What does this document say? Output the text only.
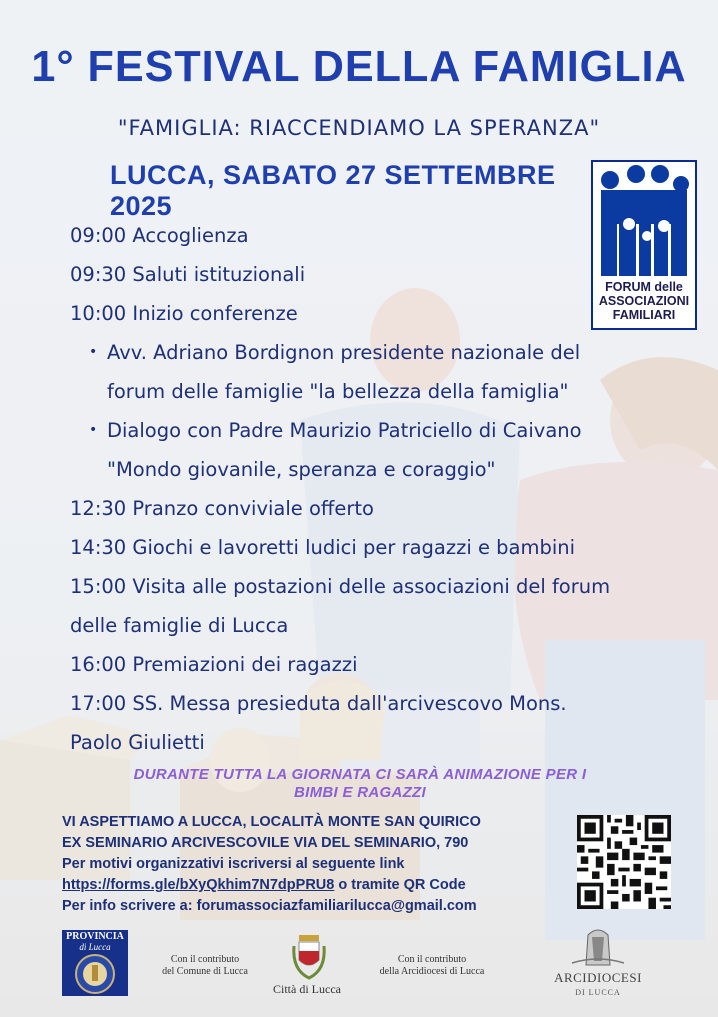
1° FESTIVAL DELLA FAMIGLIA
"FAMIGLIA: RIACCENDIAMO LA SPERANZA"
LUCCA, SABATO 27 SETTEMBRE 2025
FORUM delle
ASSOCIAZIONI
FAMILIARI
09:00 Accoglienza
09:30 Saluti istituzionali
10:00 Inizio conferenze
• Avv. Adriano Bordignon presidente nazionale del
forum delle famiglie "la bellezza della famiglia"
• Dialogo con Padre Maurizio Patriciello di Caivano
"Mondo giovanile, speranza e coraggio"
12:30 Pranzo conviviale offerto
14:30 Giochi e lavoretti ludici per ragazzi e bambini
15:00 Visita alle postazioni delle associazioni del forum
delle famiglie di Lucca
16:00 Premiazioni dei ragazzi
17:00 SS. Messa presieduta dall'arcivescovo Mons.
Paolo Giulietti
DURANTE TUTTA LA GIORNATA CI SARÀ ANIMAZIONE PER I
BIMBI E RAGAZZI
VI ASPETTIAMO A LUCCA, LOCALITÀ MONTE SAN QUIRICO
EX SEMINARIO ARCIVESCOVILE VIA DEL SEMINARIO, 790
Per motivi organizzativi iscriversi al seguente link
https://forms.gle/bXyQkhim7N7dpPRU8 o tramite QR Code
Per info scrivere a: forumassociazfamiliarilucca@gmail.com
PROVINCIA
di Lucca
Con il contributo
del Comune di Lucca
Città di Lucca
Con il contributo
della Arcidiocesi di Lucca	ARCIDIOCESI
DI LUCCA
